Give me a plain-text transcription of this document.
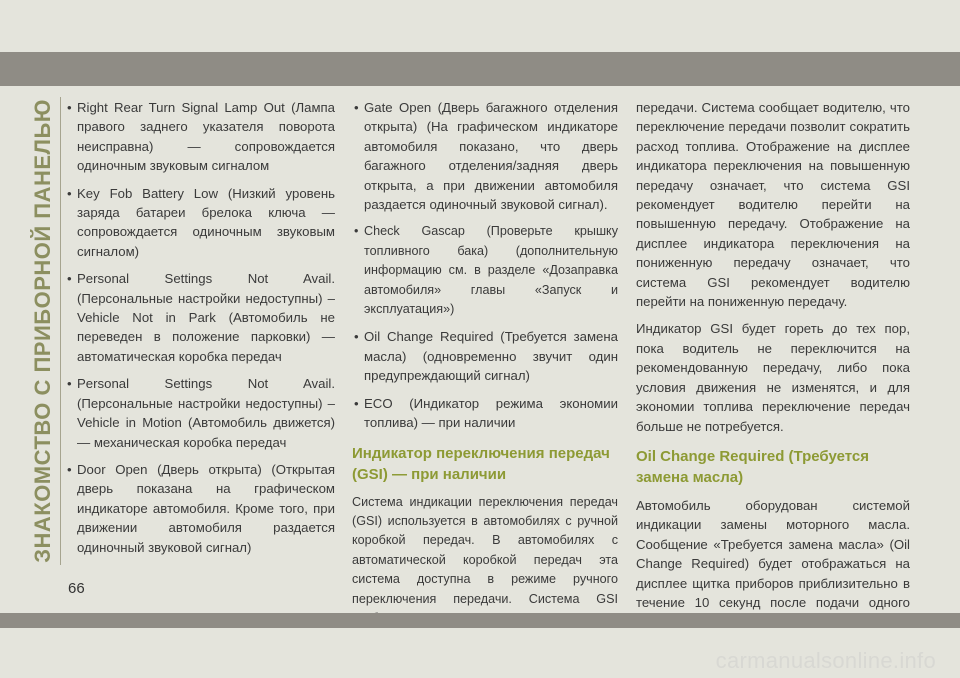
ЗНАКОМСТВО С ПРИБОРНОЙ ПАНЕЛЬЮ
66

• Right Rear Turn Signal Lamp Out (Лампа правого заднего указателя поворота неисправна) — сопровождается одиночным звуковым сигналом

• Key Fob Battery Low (Низкий уровень заряда батареи брелока ключа — сопровождается одиночным звуковым сигналом)

• Personal Settings Not Avail. (Персональные настройки недоступны) – Vehicle Not in Park (Автомобиль не переведен в положение парковки) — автоматическая коробка передач

• Personal Settings Not Avail. (Персональные настройки недоступны) – Vehicle in Motion (Автомобиль движется) — механическая коробка передач

• Door Open (Дверь открыта) (Открытая дверь показана на графическом индикаторе автомобиля. Кроме того, при движении автомобиля раздается одиночный звуковой сигнал)

• Gate Open (Дверь багажного отделения открыта) (На графическом индикаторе автомобиля показано, что дверь багажного отделения/задняя дверь открыта, а при движении автомобиля раздается одиночный звуковой сигнал).

• Check Gascap (Проверьте крышку топливного бака) (дополнительную информацию см. в разделе «Дозаправка автомобиля» главы «Запуск и эксплуатация»)

• Oil Change Required (Требуется замена масла) (одновременно звучит один предупреждающий сигнал)

• ECO (Индикатор режима экономии топлива) — при наличии

Индикатор переключения передач (GSI) — при наличии

Система индикации переключения передач (GSI) используется в автомобилях с ручной коробкой передач. В автомобилях с автоматической коробкой передач эта система доступна в режиме ручного переключения передачи. Система GSI

передачи. Система сообщает водителю, что переключение передачи позволит сократить расход топлива. Отображение на дисплее индикатора переключения на повышенную передачу означает, что система GSI рекомендует водителю перейти на повышенную передачу. Отображение на дисплее индикатора переключения на пониженную передачу означает, что система GSI рекомендует водителю перейти на пониженную передачу.

Индикатор GSI будет гореть до тех пор, пока водитель не переключится на рекомендованную передачу, либо пока условия движения не изменятся, и для экономии топлива переключение передач больше не потребуется.

Oil Change Required (Требуется замена масла)

Автомобиль оборудован системой индикации замены моторного масла. Сообщение «Требуется замена масла» (Oil Change Required) будет отображаться на дисплее щитка приборов приблизительно в течение 10 секунд после подачи одного

carmanualsonline.info
